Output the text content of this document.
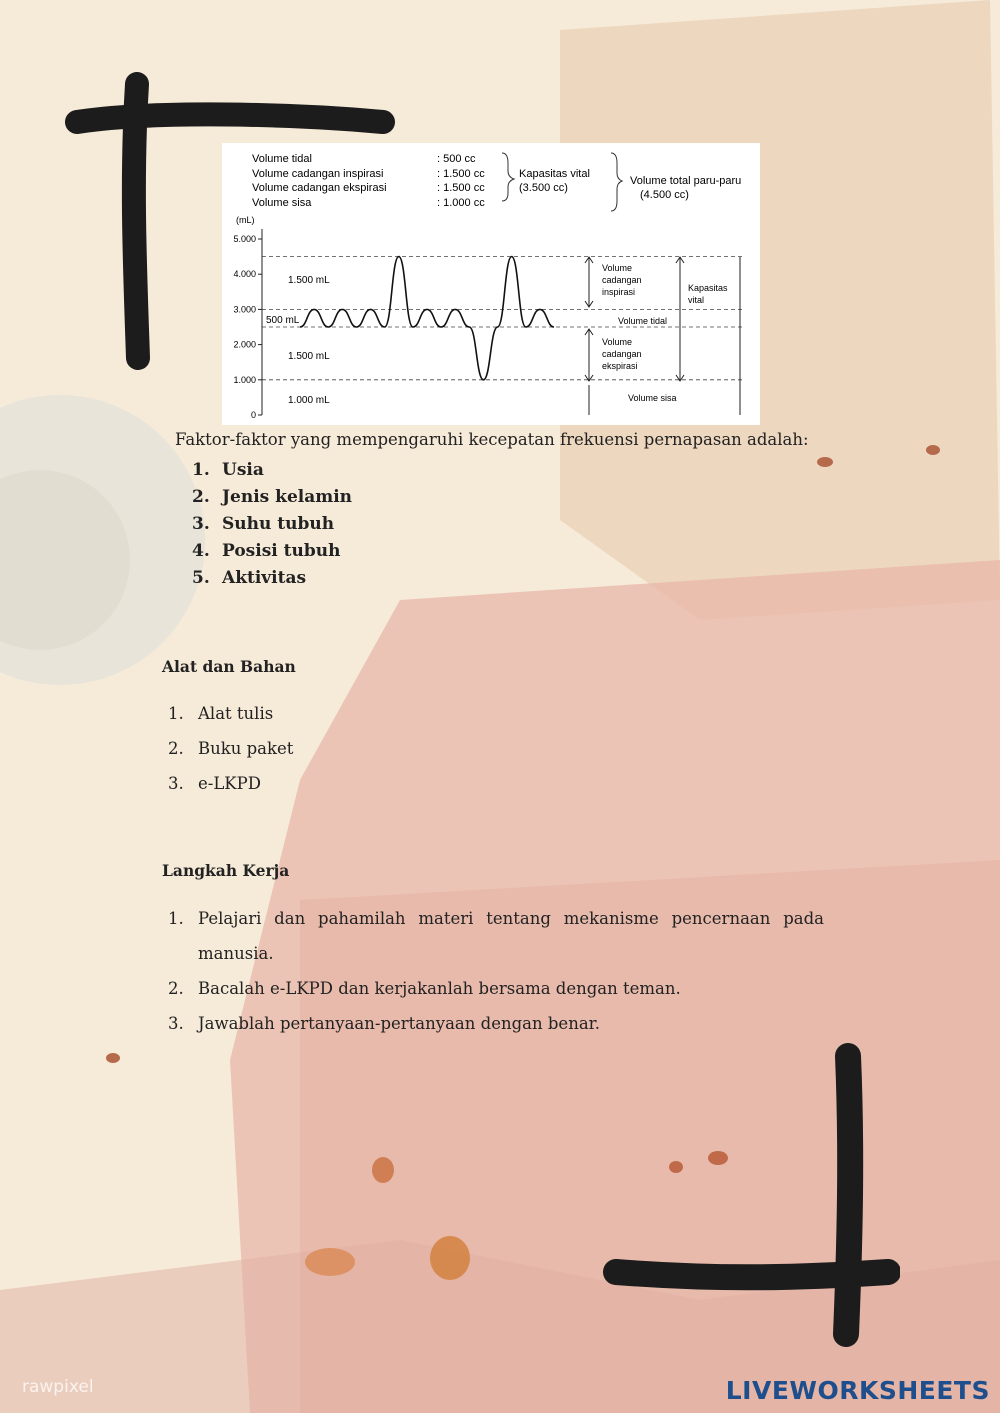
Volume tidal
Volume cadangan inspirasi
Volume cadangan ekspirasi
Volume sisa
: 500 cc
: 1.500 cc
: 1.500 cc
: 1.000 cc
Kapasitas vital
(3.500 cc)
Volume total paru-paru
(4.500 cc)
(mL)
5.000
4.000
3.000
2.000
1.000
0
1.500 mL
500 mL
1.500 mL
1.000 mL
Volume
cadangan
inspirasi
Volume tidal
Volume
cadangan
ekspirasi
Volume sisa
Kapasitas
vital
Faktor-faktor yang mempengaruhi kecepatan frekuensi pernapasan adalah:
1. Usia
2. Jenis kelamin
3. Suhu tubuh
4. Posisi tubuh
5. Aktivitas
Alat dan Bahan
1. Alat tulis
2. Buku paket
3. e-LKPD
Langkah Kerja
1. Pelajari dan pahamilah materi tentang mekanisme pencernaan pada manusia.
2. Bacalah e-LKPD dan kerjakanlah bersama dengan teman.
3. Jawablah pertanyaan-pertanyaan dengan benar.
rawpixel	LIVEWORKSHEETS
